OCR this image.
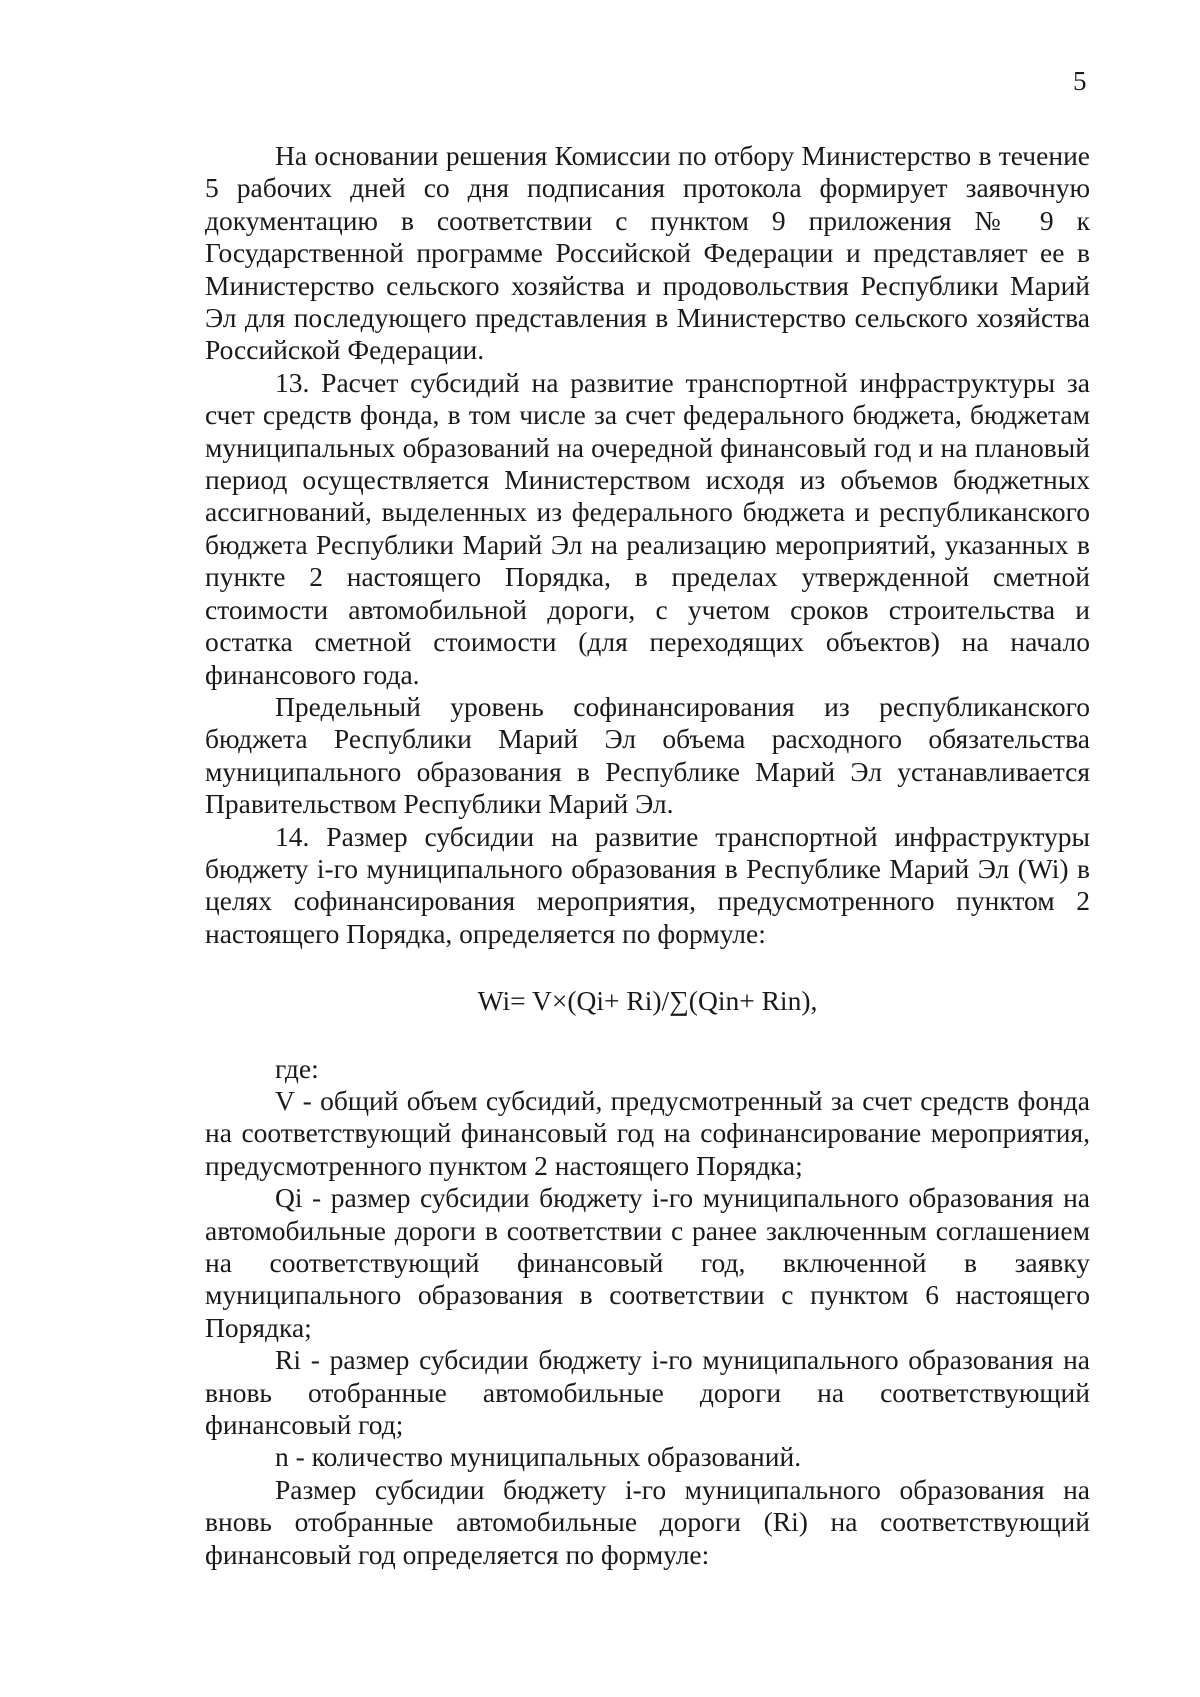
5

На основании решения Комиссии по отбору Министерство в течение 5 рабочих дней со дня подписания протокола формирует заявочную документацию в соответствии с пунктом 9 приложения № 9 к Государственной программе Российской Федерации и представляет ее в Министерство сельского хозяйства и продовольствия Республики Марий Эл для последующего представления в Министерство сельского хозяйства Российской Федерации.

13. Расчет субсидий на развитие транспортной инфраструктуры за счет средств фонда, в том числе за счет федерального бюджета, бюджетам муниципальных образований на очередной финансовый год и на плановый период осуществляется Министерством исходя из объемов бюджетных ассигнований, выделенных из федерального бюджета и республиканского бюджета Республики Марий Эл на реализацию мероприятий, указанных в пункте 2 настоящего Порядка, в пределах утвержденной сметной стоимости автомобильной дороги, с учетом сроков строительства и остатка сметной стоимости (для переходящих объектов) на начало финансового года.

Предельный уровень софинансирования из республиканского бюджета Республики Марий Эл объема расходного обязательства муниципального образования в Республике Марий Эл устанавливается Правительством Республики Марий Эл.

14. Размер субсидии на развитие транспортной инфраструктуры бюджету i-го муниципального образования в Республике Марий Эл (Wi) в целях софинансирования мероприятия, предусмотренного пунктом 2 настоящего Порядка, определяется по формуле:

Wi= V×(Qi+ Ri)/∑(Qin+ Rin),

где:

V - общий объем субсидий, предусмотренный за счет средств фонда на соответствующий финансовый год на софинансирование мероприятия, предусмотренного пунктом 2 настоящего Порядка;

Qi - размер субсидии бюджету i-го муниципального образования на автомобильные дороги в соответствии с ранее заключенным соглашением на соответствующий финансовый год, включенной в заявку муниципального образования в соответствии с пунктом 6 настоящего Порядка;

Ri - размер субсидии бюджету i-го муниципального образования на вновь отобранные автомобильные дороги на соответствующий финансовый год;

n - количество муниципальных образований.

Размер субсидии бюджету i-го муниципального образования на вновь отобранные автомобильные дороги (Ri) на соответствующий финансовый год определяется по формуле:
